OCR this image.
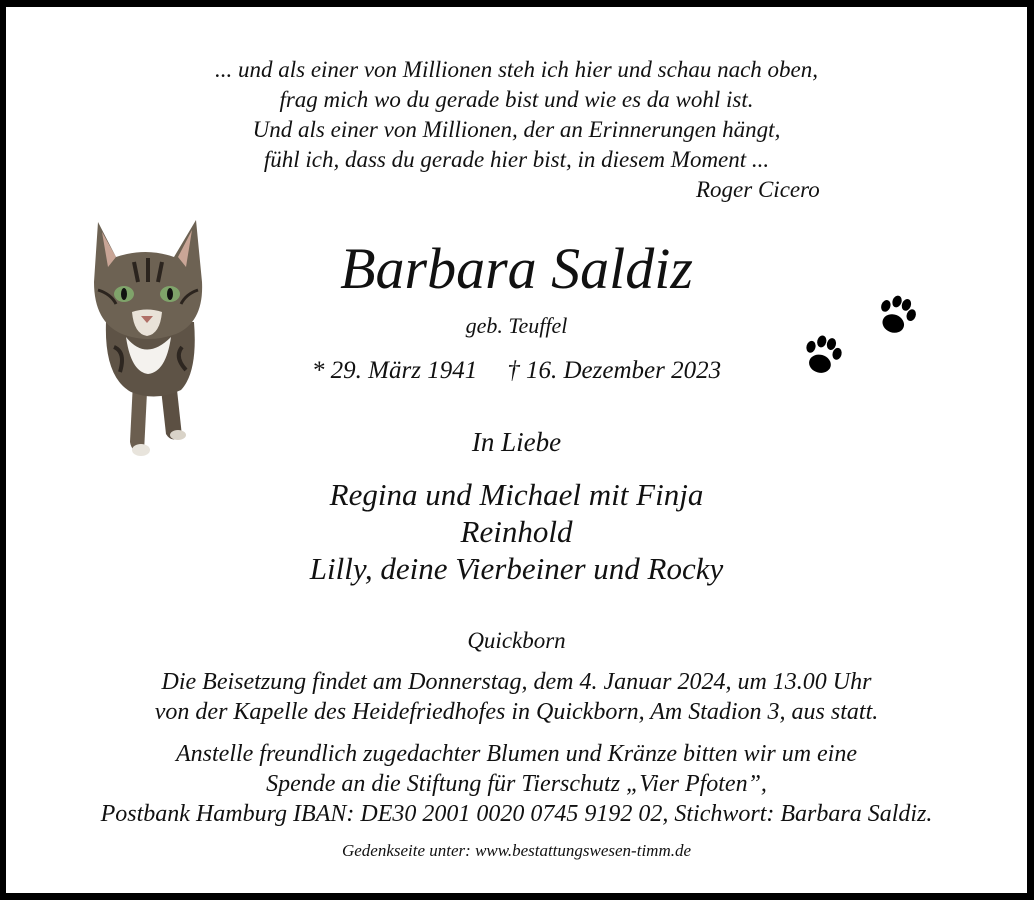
... und als einer von Millionen steh ich hier und schau nach oben,
frag mich wo du gerade bist und wie es da wohl ist.
Und als einer von Millionen, der an Erinnerungen hängt,
fühl ich, dass du gerade hier bist, in diesem Moment ...
Roger Cicero
Barbara Saldiz
geb. Teuffel
* 29. März 1941 † 16. Dezember 2023
In Liebe
Regina und Michael mit Finja
Reinhold
Lilly, deine Vierbeiner und Rocky
Quickborn
Die Beisetzung findet am Donnerstag, dem 4. Januar 2024, um 13.00 Uhr
von der Kapelle des Heidefriedhofes in Quickborn, Am Stadion 3, aus statt.
Anstelle freundlich zugedachter Blumen und Kränze bitten wir um eine
Spende an die Stiftung für Tierschutz „Vier Pfoten”,
Postbank Hamburg IBAN: DE30 2001 0020 0745 9192 02, Stichwort: Barbara Saldiz.
Gedenkseite unter: www.bestattungswesen-timm.de
